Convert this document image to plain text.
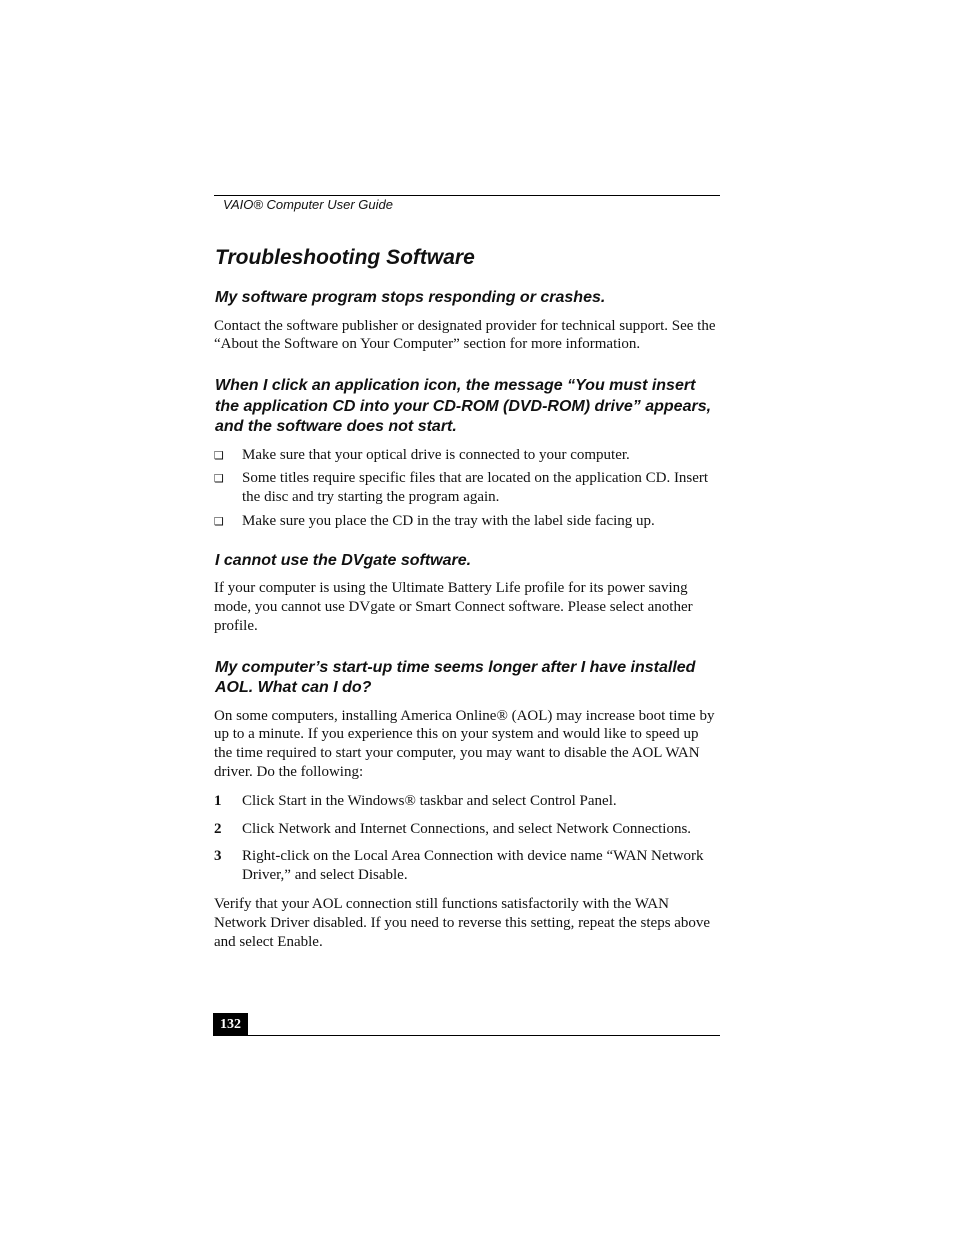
VAIO® Computer User Guide
Troubleshooting Software
My software program stops responding or crashes.

Contact the software publisher or designated provider for technical support. See the “About the Software on Your Computer” section for more information.

When I click an application icon, the message “You must insert the application CD into your CD-ROM (DVD-ROM) drive” appears, and the software does not start.
❑ Make sure that your optical drive is connected to your computer.
❑ Some titles require specific files that are located on the application CD. Insert the disc and try starting the program again.
❑ Make sure you place the CD in the tray with the label side facing up.
I cannot use the DVgate software.

If your computer is using the Ultimate Battery Life profile for its power saving mode, you cannot use DVgate or Smart Connect software. Please select another profile.

My computer’s start-up time seems longer after I have installed AOL. What can I do?

On some computers, installing America Online® (AOL) may increase boot time by up to a minute. If you experience this on your system and would like to speed up the time required to start your computer, you may want to disable the AOL WAN driver. Do the following:

1 Click Start in the Windows® taskbar and select Control Panel.
2 Click Network and Internet Connections, and select Network Connections.
3 Right-click on the Local Area Connection with device name “WAN Network Driver,” and select Disable.

Verify that your AOL connection still functions satisfactorily with the WAN Network Driver disabled. If you need to reverse this setting, repeat the steps above and select Enable.

132
